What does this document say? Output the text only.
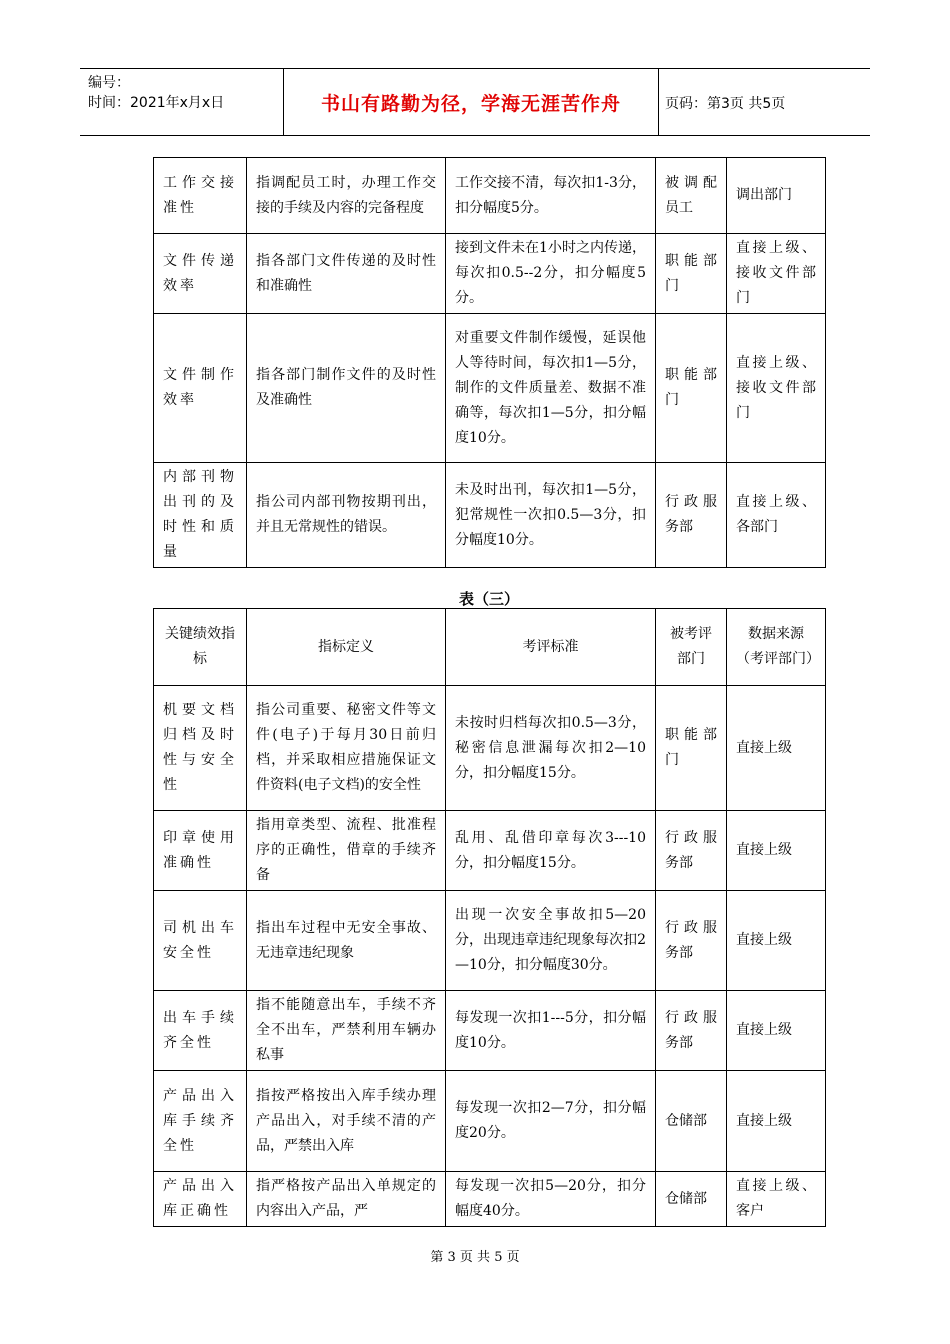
编号：
时间：2021年x月x日	书山有路勤为径，学海无涯苦作舟	页码：第3页 共5页
工作交接准性	指调配员工时，办理工作交接的手续及内容的完备程度	工作交接不清，每次扣1-3分，扣分幅度5分。	被调配员工	调出部门
文件传递效率	指各部门文件传递的及时性和准确性	接到文件未在1小时之内传递，每次扣0.5--2分，扣分幅度5分。	职能部门	直接上级、接收文件部门
文件制作效率	指各部门制作文件的及时性及准确性	对重要文件制作缓慢，延误他人等待时间，每次扣1—5分，制作的文件质量差、数据不准确等，每次扣1—5分，扣分幅度10分。	职能部门	直接上级、接收文件部门
内部刊物出刊的及时性和质量	指公司内部刊物按期刊出，并且无常规性的错误。	未及时出刊，每次扣1—5分，犯常规性一次扣0.5—3分，扣分幅度10分。	行政服务部	直接上级、各部门
表（三）
关键绩效指标	指标定义	考评标准	被考评部门	数据来源（考评部门）
机要文档归档及时性与安全性	指公司重要、秘密文件等文件(电子)于每月30日前归档，并采取相应措施保证文件资料(电子文档)的安全性	未按时归档每次扣0.5—3分，秘密信息泄漏每次扣2—10分，扣分幅度15分。	职能部门	直接上级
印章使用准确性	指用章类型、流程、批准程序的正确性，借章的手续齐备	乱用、乱借印章每次3---10分，扣分幅度15分。	行政服务部	直接上级
司机出车安全性	指出车过程中无安全事故、无违章违纪现象	出现一次安全事故扣5—20分，出现违章违纪现象每次扣2—10分，扣分幅度30分。	行政服务部	直接上级
出车手续齐全性	指不能随意出车，手续不齐全不出车，严禁利用车辆办私事	每发现一次扣1---5分，扣分幅度10分。	行政服务部	直接上级
产品出入库手续齐全性	指按严格按出入库手续办理产品出入，对手续不清的产品，严禁出入库	每发现一次扣2—7分，扣分幅度20分。	仓储部	直接上级
产品出入库正确性	指严格按产品出入单规定的内容出入产品，严	每发现一次扣5—20分，扣分幅度40分。	仓储部	直接上级、客户
第 3 页 共 5 页
